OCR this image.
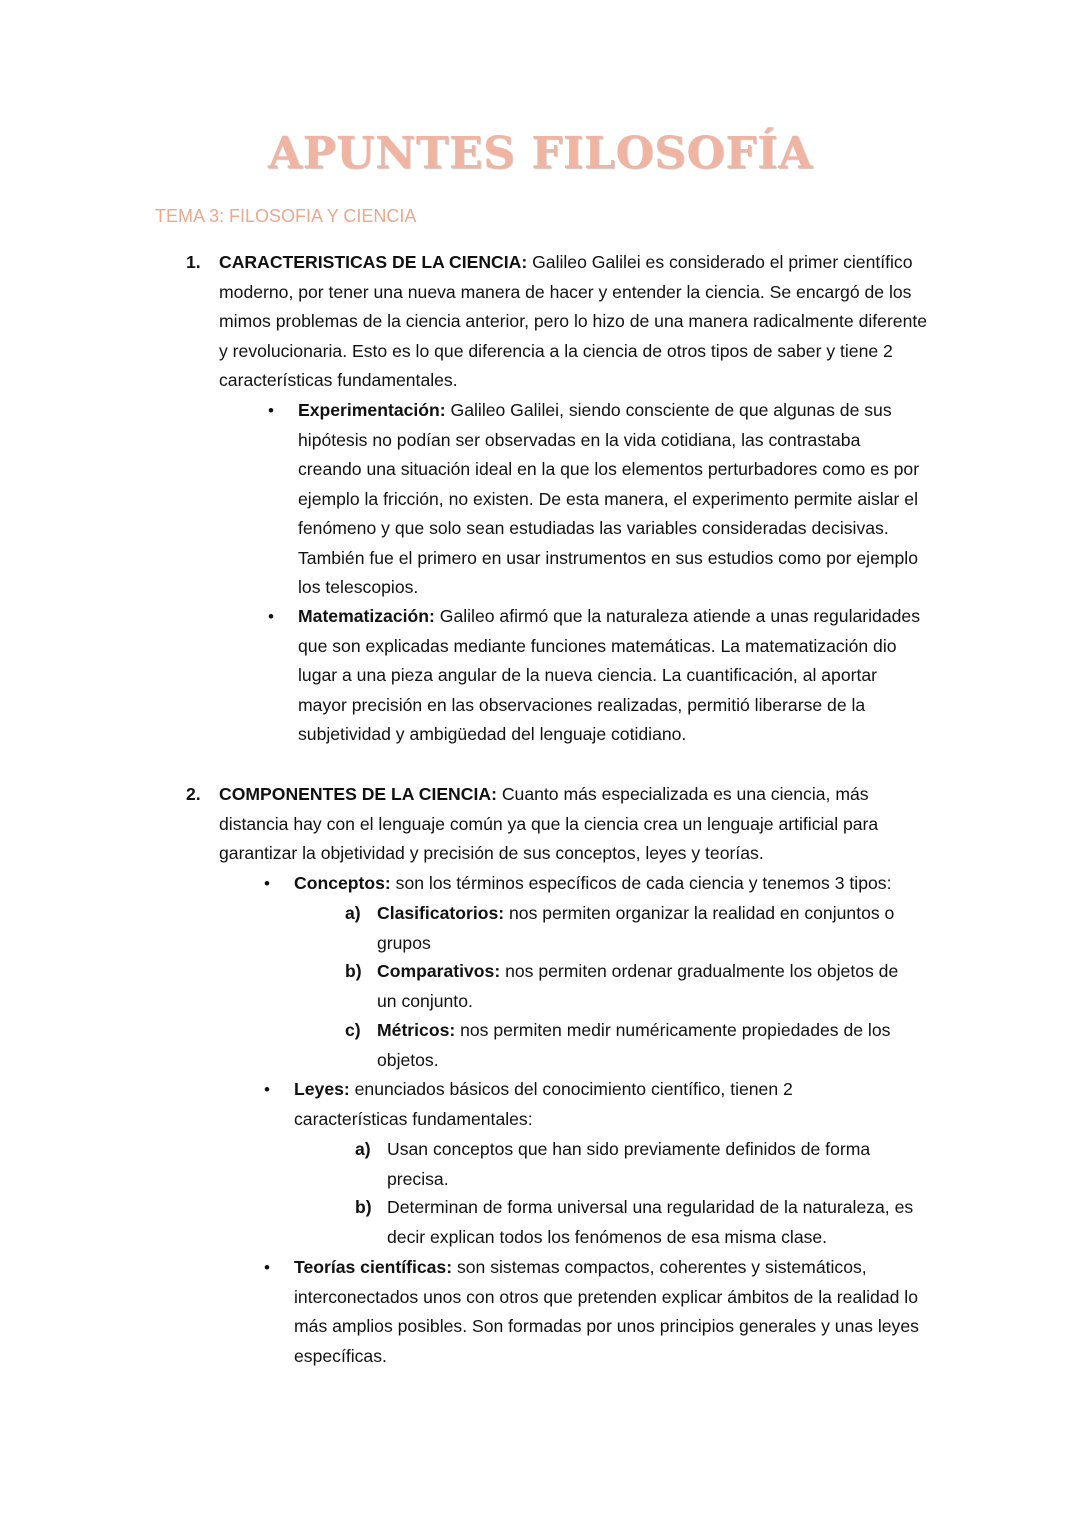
APUNTES FILOSOFÍA
TEMA 3: FILOSOFIA Y CIENCIA
1. CARACTERISTICAS DE LA CIENCIA: Galileo Galilei es considerado el primer científico moderno, por tener una nueva manera de hacer y entender la ciencia. Se encargó de los mimos problemas de la ciencia anterior, pero lo hizo de una manera radicalmente diferente y revolucionaria. Esto es lo que diferencia a la ciencia de otros tipos de saber y tiene 2 características fundamentales.
• Experimentación: Galileo Galilei, siendo consciente de que algunas de sus hipótesis no podían ser observadas en la vida cotidiana, las contrastaba creando una situación ideal en la que los elementos perturbadores como es por ejemplo la fricción, no existen. De esta manera, el experimento permite aislar el fenómeno y que solo sean estudiadas las variables consideradas decisivas. También fue el primero en usar instrumentos en sus estudios como por ejemplo los telescopios.
• Matematización: Galileo afirmó que la naturaleza atiende a unas regularidades que son explicadas mediante funciones matemáticas. La matematización dio lugar a una pieza angular de la nueva ciencia. La cuantificación, al aportar mayor precisión en las observaciones realizadas, permitió liberarse de la subjetividad y ambigüedad del lenguaje cotidiano.
2. COMPONENTES DE LA CIENCIA: Cuanto más especializada es una ciencia, más distancia hay con el lenguaje común ya que la ciencia crea un lenguaje artificial para garantizar la objetividad y precisión de sus conceptos, leyes y teorías.
• Conceptos: son los términos específicos de cada ciencia y tenemos 3 tipos:
a) Clasificatorios: nos permiten organizar la realidad en conjuntos o grupos
b) Comparativos: nos permiten ordenar gradualmente los objetos de un conjunto.
c) Métricos: nos permiten medir numéricamente propiedades de los objetos.
• Leyes: enunciados básicos del conocimiento científico, tienen 2 características fundamentales:
a) Usan conceptos que han sido previamente definidos de forma precisa.
b) Determinan de forma universal una regularidad de la naturaleza, es decir explican todos los fenómenos de esa misma clase.
• Teorías científicas: son sistemas compactos, coherentes y sistemáticos, interconectados unos con otros que pretenden explicar ámbitos de la realidad lo más amplios posibles. Son formadas por unos principios generales y unas leyes específicas.
